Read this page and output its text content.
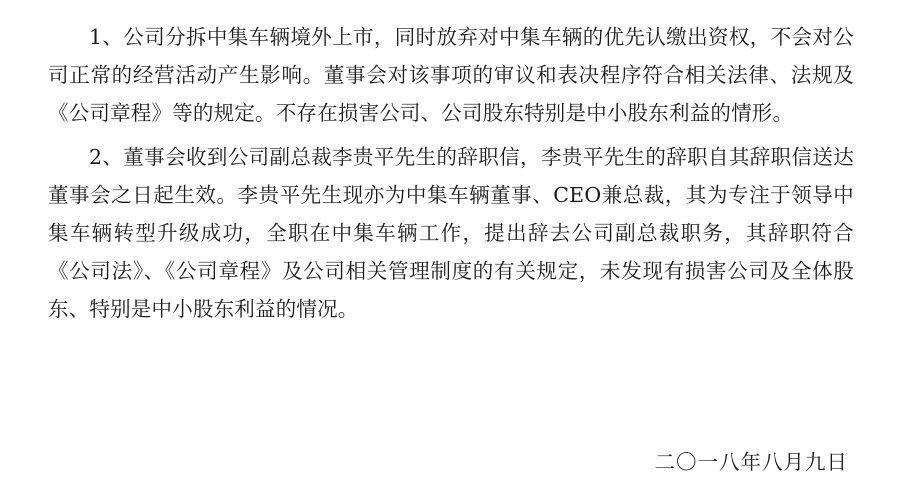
1、公司分拆中集车辆境外上市，同时放弃对中集车辆的优先认缴出资权，不会对公司正常的经营活动产生影响。董事会对该事项的审议和表决程序符合相关法律、法规及《公司章程》等的规定。不存在损害公司、公司股东特别是中小股东利益的情形。

2、董事会收到公司副总裁李贵平先生的辞职信，李贵平先生的辞职自其辞职信送达董事会之日起生效。李贵平先生现亦为中集车辆董事、CEO兼总裁，其为专注于领导中集车辆转型升级成功，全职在中集车辆工作，提出辞去公司副总裁职务，其辞职符合《公司法》、《公司章程》及公司相关管理制度的有关规定，未发现有损害公司及全体股东、特别是中小股东利益的情况。

二〇一八年八月九日
